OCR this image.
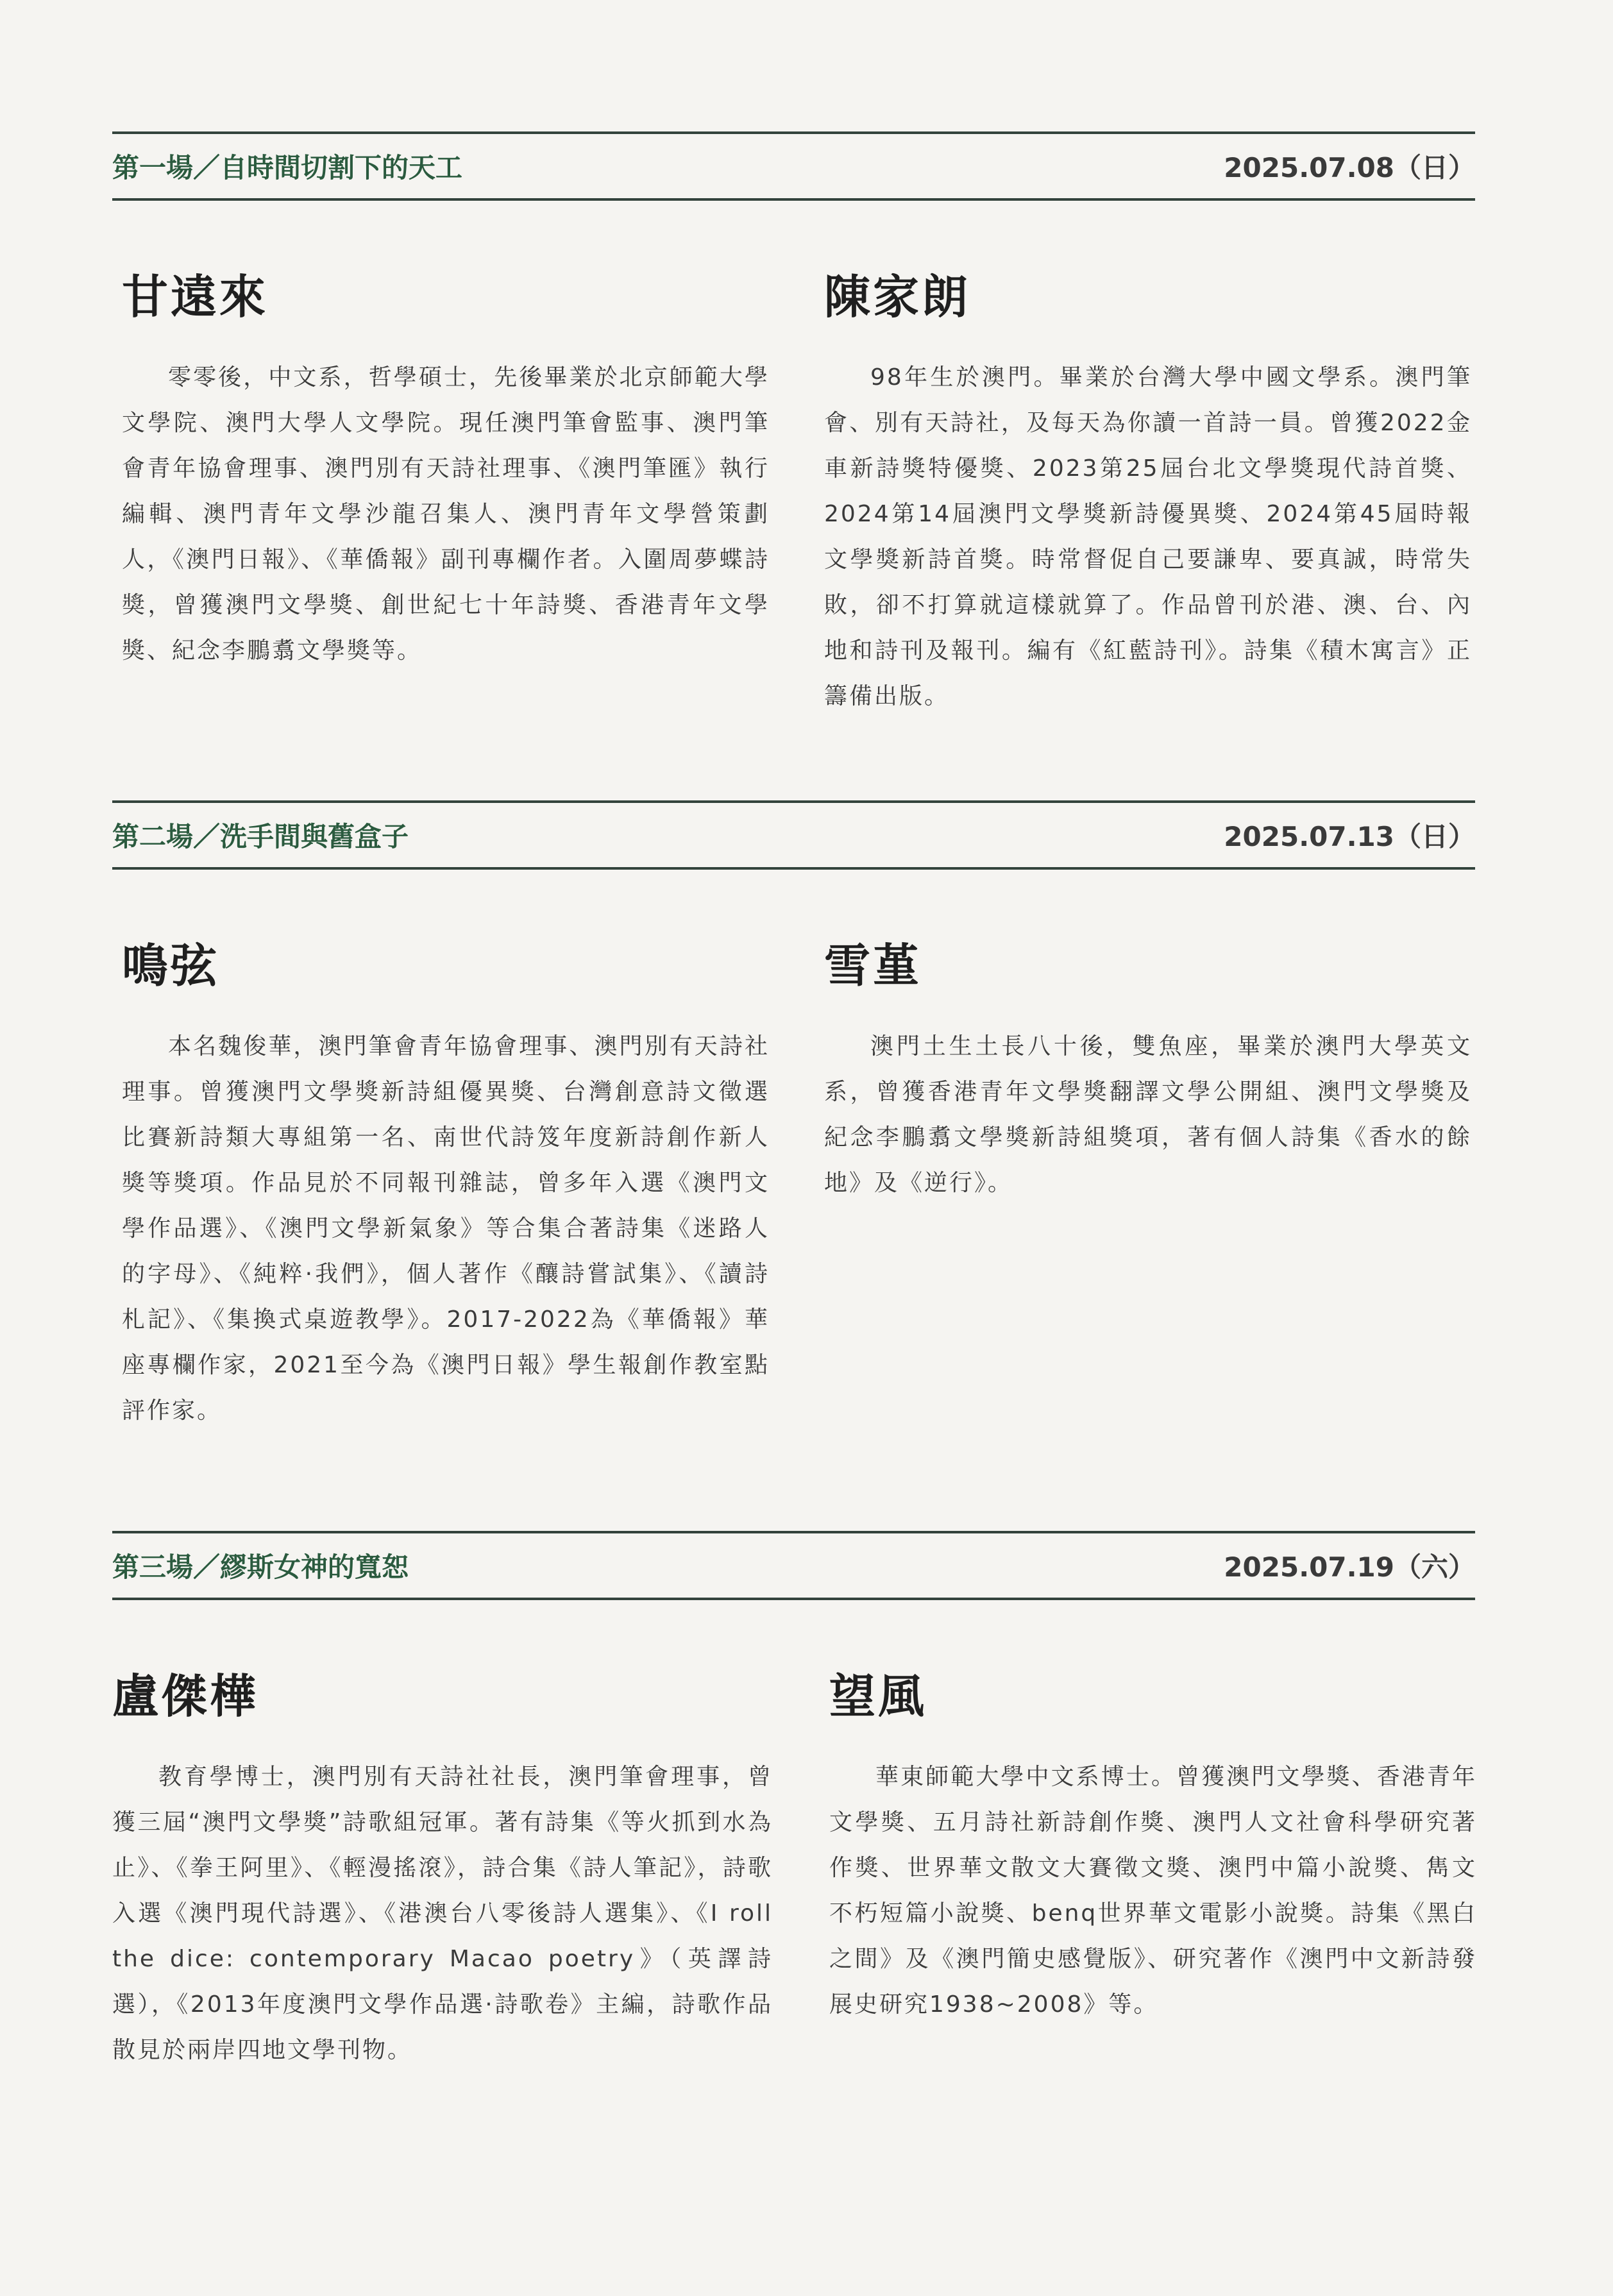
第一場／自時間切割下的天工	2025.07.08（日）
甘遠來

零零後，中文系，哲學碩士，先後畢業於北京師範大學文學院、澳門大學人文學院。現任澳門筆會監事、澳門筆會青年協會理事、澳門別有天詩社理事、《澳門筆匯》執行編輯、澳門青年文學沙龍召集人、澳門青年文學營策劃人，《澳門日報》、《華僑報》副刊專欄作者。入圍周夢蝶詩獎，曾獲澳門文學獎、創世紀七十年詩獎、香港青年文學獎、紀念李鵬翥文學獎等。

陳家朗

98年生於澳門。畢業於台灣大學中國文學系。澳門筆會、別有天詩社，及每天為你讀一首詩一員。曾獲2022金車新詩獎特優獎、2023第25屆台北文學獎現代詩首獎、2024第14屆澳門文學獎新詩優異獎、2024第45屆時報文學獎新詩首獎。時常督促自己要謙卑、要真誠，時常失敗，卻不打算就這樣就算了。作品曾刊於港、澳、台、內地和詩刊及報刊。編有《紅藍詩刊》。詩集《積木寓言》正籌備出版。

第二場／洗手間與舊盒子	2025.07.13（日）
鳴弦

本名魏俊華，澳門筆會青年協會理事、澳門別有天詩社理事。曾獲澳門文學獎新詩組優異獎、台灣創意詩文徵選比賽新詩類大專組第一名、南世代詩笈年度新詩創作新人獎等獎項。作品見於不同報刊雜誌，曾多年入選《澳門文學作品選》、《澳門文學新氣象》等合集合著詩集《迷路人的字母》、《純粹·我們》，個人著作《釀詩嘗試集》、《讀詩札記》、《集換式桌遊教學》。2017-2022為《華僑報》華座專欄作家，2021至今為《澳門日報》學生報創作教室點評作家。

雪堇

澳門土生土長八十後，雙魚座，畢業於澳門大學英文系，曾獲香港青年文學獎翻譯文學公開組、澳門文學獎及紀念李鵬翥文學獎新詩組獎項，著有個人詩集《香水的餘地》及《逆行》。

第三場／繆斯女神的寬恕	2025.07.19（六）
盧傑樺

教育學博士，澳門別有天詩社社長，澳門筆會理事，曾獲三屆“澳門文學獎”詩歌組冠軍。著有詩集《等火抓到水為止》、《拳王阿里》、《輕漫搖滾》，詩合集《詩人筆記》，詩歌入選《澳門現代詩選》、《港澳台八零後詩人選集》、《I roll the dice: contemporary Macao poetry》（英譯詩選），《2013年度澳門文學作品選·詩歌卷》主編，詩歌作品散見於兩岸四地文學刊物。

望風

華東師範大學中文系博士。曾獲澳門文學獎、香港青年文學獎、五月詩社新詩創作獎、澳門人文社會科學研究著作獎、世界華文散文大賽徵文獎、澳門中篇小說獎、雋文不朽短篇小說獎、benq世界華文電影小說獎。詩集《黑白之間》及《澳門簡史感覺版》、研究著作《澳門中文新詩發展史研究1938~2008》等。
